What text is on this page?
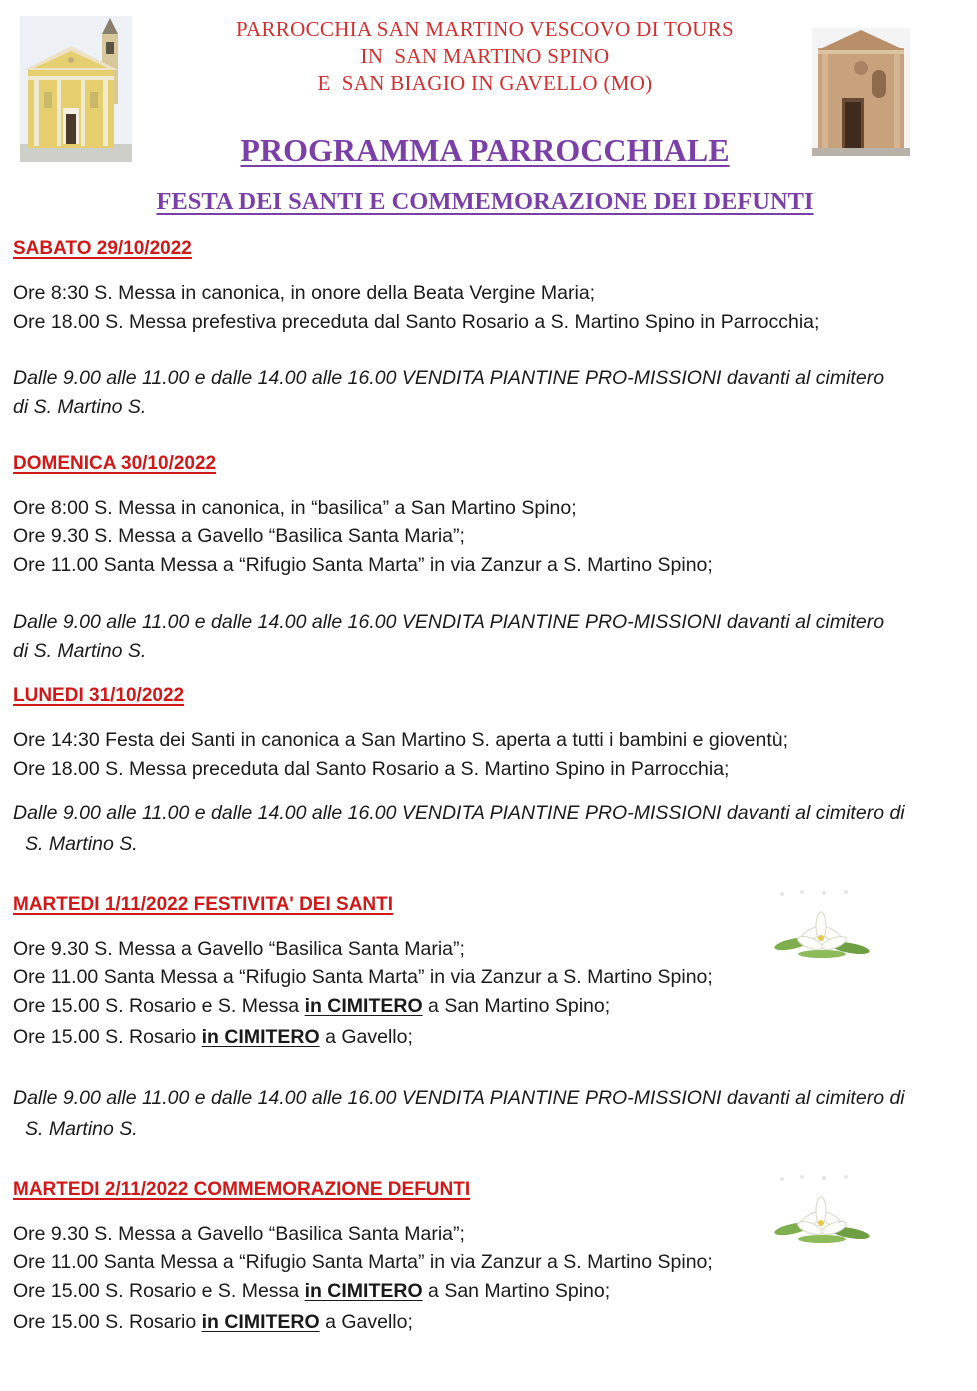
PARROCCHIA SAN MARTINO VESCOVO DI TOURS
IN  SAN MARTINO SPINO
E  SAN BIAGIO IN GAVELLO (MO)
PROGRAMMA PARROCCHIALE
FESTA DEI SANTI E COMMEMORAZIONE DEI DEFUNTI
SABATO 29/10/2022
Ore 8:30 S. Messa in canonica, in onore della Beata Vergine Maria;
Ore 18.00 S. Messa prefestiva preceduta dal Santo Rosario a S. Martino Spino in Parrocchia;
Dalle 9.00 alle 11.00 e dalle 14.00 alle 16.00 VENDITA PIANTINE PRO-MISSIONI davanti al cimitero
di S. Martino S.
DOMENICA 30/10/2022
Ore 8:00 S. Messa in canonica, in “basilica” a San Martino Spino;
Ore 9.30 S. Messa a Gavello “Basilica Santa Maria”;
Ore 11.00 Santa Messa a “Rifugio Santa Marta” in via Zanzur a S. Martino Spino;
Dalle 9.00 alle 11.00 e dalle 14.00 alle 16.00 VENDITA PIANTINE PRO-MISSIONI davanti al cimitero
di S. Martino S.
LUNEDI 31/10/2022
Ore 14:30 Festa dei Santi in canonica a San Martino S. aperta a tutti i bambini e gioventù;
Ore 18.00 S. Messa preceduta dal Santo Rosario a S. Martino Spino in Parrocchia;
Dalle 9.00 alle 11.00 e dalle 14.00 alle 16.00 VENDITA PIANTINE PRO-MISSIONI davanti al cimitero di
S. Martino S.
MARTEDI 1/11/2022 FESTIVITA' DEI SANTI
Ore 9.30 S. Messa a Gavello “Basilica Santa Maria”;
Ore 11.00 Santa Messa a “Rifugio Santa Marta” in via Zanzur a S. Martino Spino;
Ore 15.00 S. Rosario e S. Messa in CIMITERO a San Martino Spino;
Ore 15.00 S. Rosario in CIMITERO a Gavello;
Dalle 9.00 alle 11.00 e dalle 14.00 alle 16.00 VENDITA PIANTINE PRO-MISSIONI davanti al cimitero di
S. Martino S.
MARTEDI 2/11/2022 COMMEMORAZIONE DEFUNTI
Ore 9.30 S. Messa a Gavello “Basilica Santa Maria”;
Ore 11.00 Santa Messa a “Rifugio Santa Marta” in via Zanzur a S. Martino Spino;
Ore 15.00 S. Rosario e S. Messa in CIMITERO a San Martino Spino;
Ore 15.00 S. Rosario in CIMITERO a Gavello;
